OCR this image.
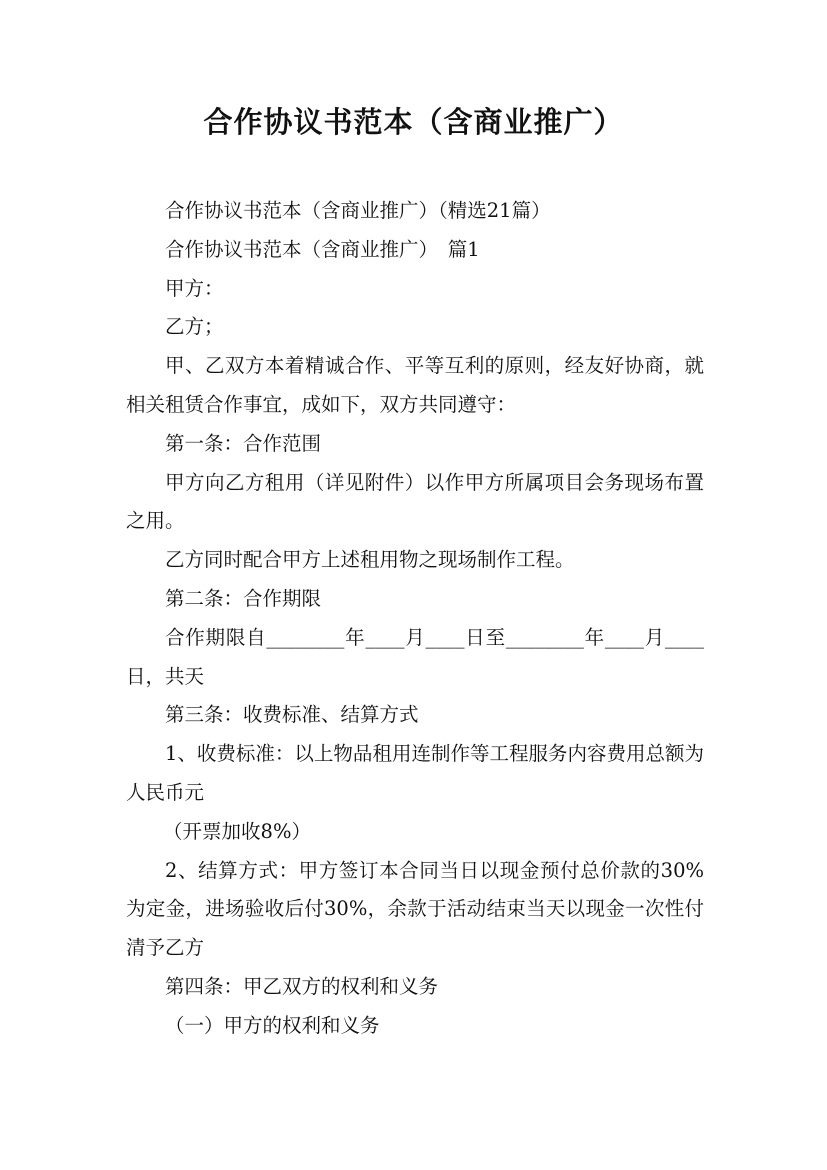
合作协议书范本（含商业推广）

合作协议书范本（含商业推广）（精选21篇）

合作协议书范本（含商业推广）　篇1

甲方：

乙方；

甲、乙双方本着精诚合作、平等互利的原则，经友好协商，就相关租赁合作事宜，成如下，双方共同遵守：

第一条：合作范围

甲方向乙方租用（详见附件）以作甲方所属项目会务现场布置之用。

乙方同时配合甲方上述租用物之现场制作工程。

第二条：合作期限

合作期限自________年____月____日至________年____月____日，共天

第三条：收费标准、结算方式

1、收费标准：以上物品租用连制作等工程服务内容费用总额为人民币元

（开票加收8%）

2、结算方式：甲方签订本合同当日以现金预付总价款的30%为定金，进场验收后付30%，余款于活动结束当天以现金一次性付清予乙方

第四条：甲乙双方的权利和义务

（一）甲方的权利和义务
